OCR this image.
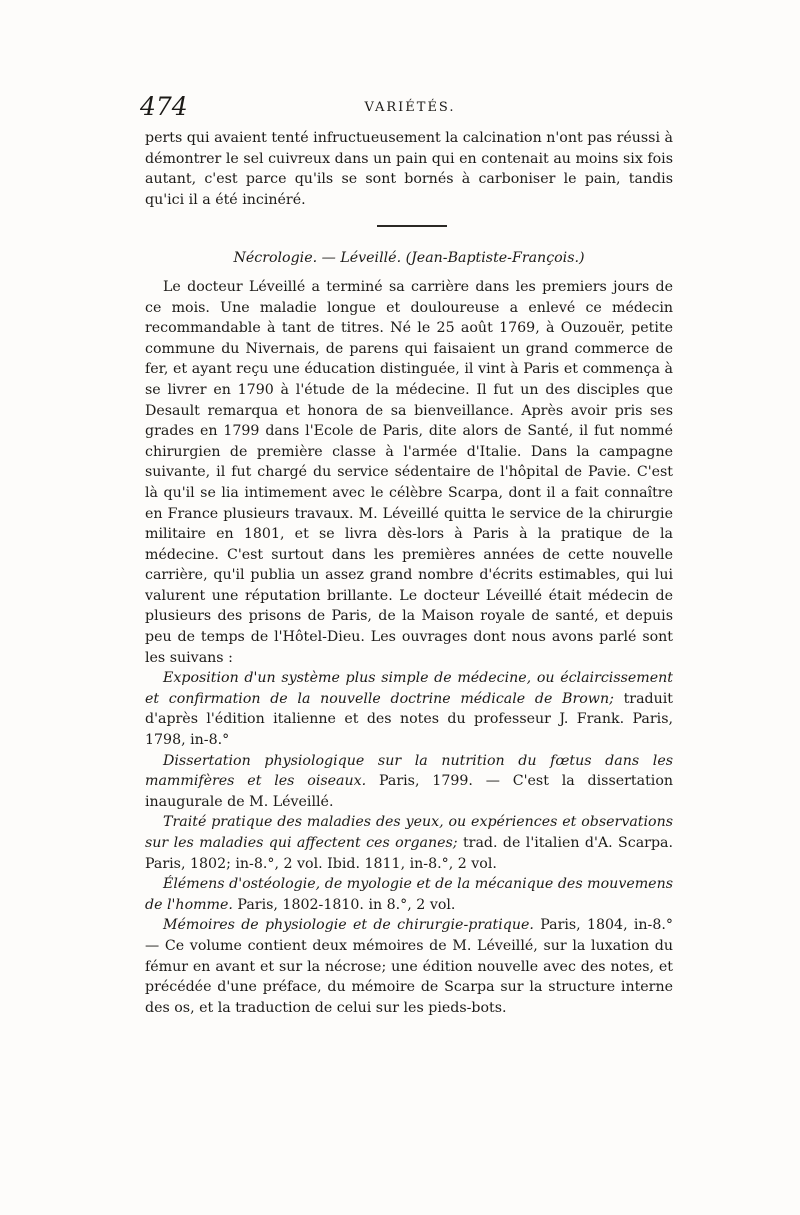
474	VARIÉTÉS.

perts qui avaient tenté infructueusement la calcination n'ont pas réussi à démontrer le sel cuivreux dans un pain qui en contenait au moins six fois autant, c'est parce qu'ils se sont bornés à carboniser le pain, tandis qu'ici il a été incinéré.

Nécrologie. — Léveillé. (Jean-Baptiste-François.)

Le docteur Léveillé a terminé sa carrière dans les premiers jours de ce mois. Une maladie longue et douloureuse a enlevé ce médecin recommandable à tant de titres. Né le 25 août 1769, à Ouzouër, petite commune du Nivernais, de parens qui faisaient un grand commerce de fer, et ayant reçu une éducation distinguée, il vint à Paris et commença à se livrer en 1790 à l'étude de la médecine. Il fut un des disciples que Desault remarqua et honora de sa bienveillance. Après avoir pris ses grades en 1799 dans l'Ecole de Paris, dite alors de Santé, il fut nommé chirurgien de première classe à l'armée d'Italie. Dans la campagne suivante, il fut chargé du service sédentaire de l'hôpital de Pavie. C'est là qu'il se lia intimement avec le célèbre Scarpa, dont il a fait connaître en France plusieurs travaux. M. Léveillé quitta le service de la chirurgie militaire en 1801, et se livra dès-lors à Paris à la pratique de la médecine. C'est surtout dans les premières années de cette nouvelle carrière, qu'il publia un assez grand nombre d'écrits estimables, qui lui valurent une réputation brillante. Le docteur Léveillé était médecin de plusieurs des prisons de Paris, de la Maison royale de santé, et depuis peu de temps de l'Hôtel-Dieu. Les ouvrages dont nous avons parlé sont les suivans :

Exposition d'un système plus simple de médecine, ou éclaircissement et confirmation de la nouvelle doctrine médicale de Brown; traduit d'après l'édition italienne et des notes du professeur J. Frank. Paris, 1798, in-8.°

Dissertation physiologique sur la nutrition du fœtus dans les mammifères et les oiseaux. Paris, 1799. — C'est la dissertation inaugurale de M. Léveillé.

Traité pratique des maladies des yeux, ou expériences et observations sur les maladies qui affectent ces organes; trad. de l'italien d'A. Scarpa. Paris, 1802; in-8.°, 2 vol. Ibid. 1811, in-8.°, 2 vol.

Élémens d'ostéologie, de myologie et de la mécanique des mouvemens de l'homme. Paris, 1802-1810. in 8.°, 2 vol.

Mémoires de physiologie et de chirurgie-pratique. Paris, 1804, in-8.° — Ce volume contient deux mémoires de M. Léveillé, sur la luxation du fémur en avant et sur la nécrose; une édition nouvelle avec des notes, et précédée d'une préface, du mémoire de Scarpa sur la structure interne des os, et la traduction de celui sur les pieds-bots.
